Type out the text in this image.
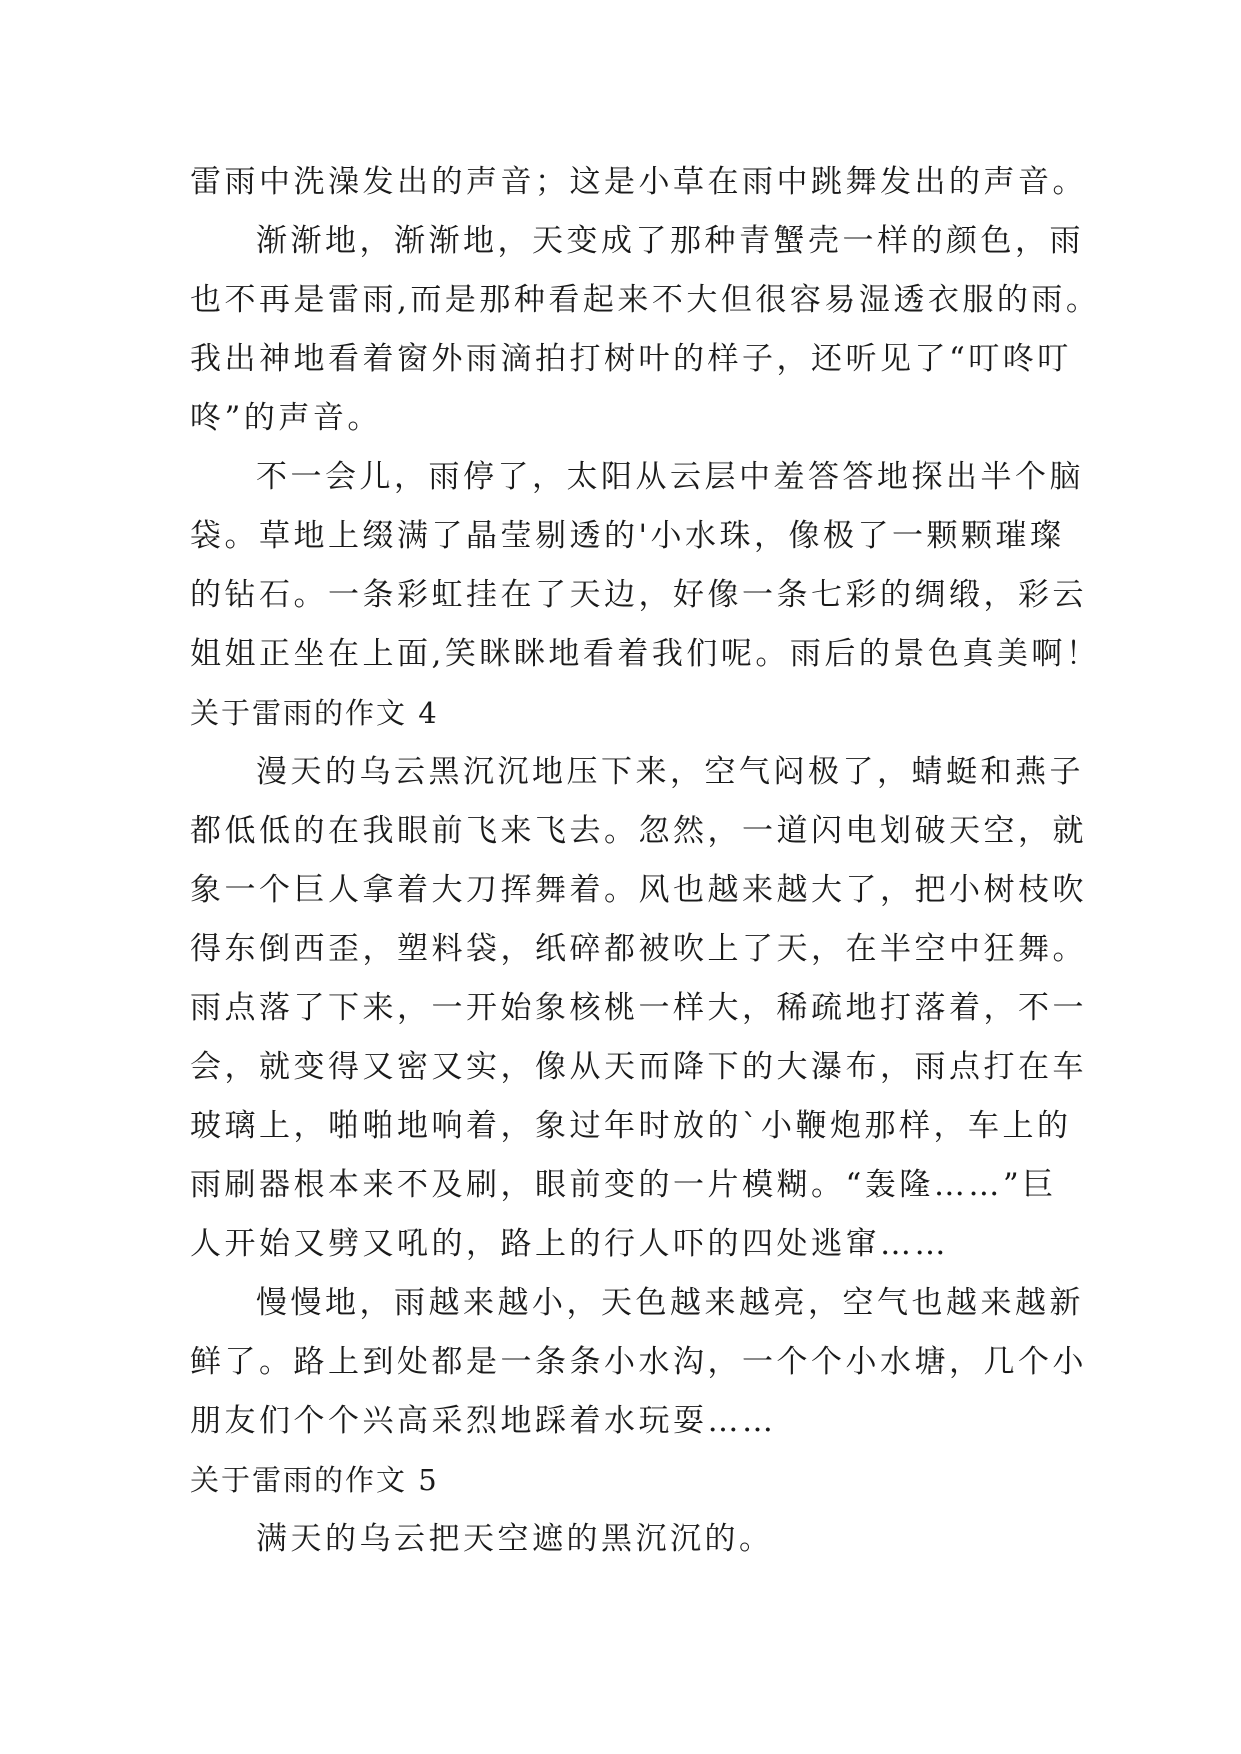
雷雨中洗澡发出的声音；这是小草在雨中跳舞发出的声音。
渐渐地，渐渐地，天变成了那种青蟹壳一样的颜色，雨
也不再是雷雨,而是那种看起来不大但很容易湿透衣服的雨。
我出神地看着窗外雨滴拍打树叶的样子，还听见了“叮咚叮
咚”的声音。
不一会儿，雨停了，太阳从云层中羞答答地探出半个脑
袋。草地上缀满了晶莹剔透的'小水珠，像极了一颗颗璀璨
的钻石。一条彩虹挂在了天边，好像一条七彩的绸缎，彩云
姐姐正坐在上面,笑眯眯地看着我们呢。雨后的景色真美啊！
关于雷雨的作文 4
漫天的乌云黑沉沉地压下来，空气闷极了，蜻蜓和燕子
都低低的在我眼前飞来飞去。忽然，一道闪电划破天空，就
象一个巨人拿着大刀挥舞着。风也越来越大了，把小树枝吹
得东倒西歪，塑料袋，纸碎都被吹上了天，在半空中狂舞。
雨点落了下来，一开始象核桃一样大，稀疏地打落着，不一
会，就变得又密又实，像从天而降下的大瀑布，雨点打在车
玻璃上，啪啪地响着，象过年时放的`小鞭炮那样，车上的
雨刷器根本来不及刷，眼前变的一片模糊。“轰隆……”巨
人开始又劈又吼的，路上的行人吓的四处逃窜……
慢慢地，雨越来越小，天色越来越亮，空气也越来越新
鲜了。路上到处都是一条条小水沟，一个个小水塘，几个小
朋友们个个兴高采烈地踩着水玩耍……
关于雷雨的作文 5
满天的乌云把天空遮的黑沉沉的。
